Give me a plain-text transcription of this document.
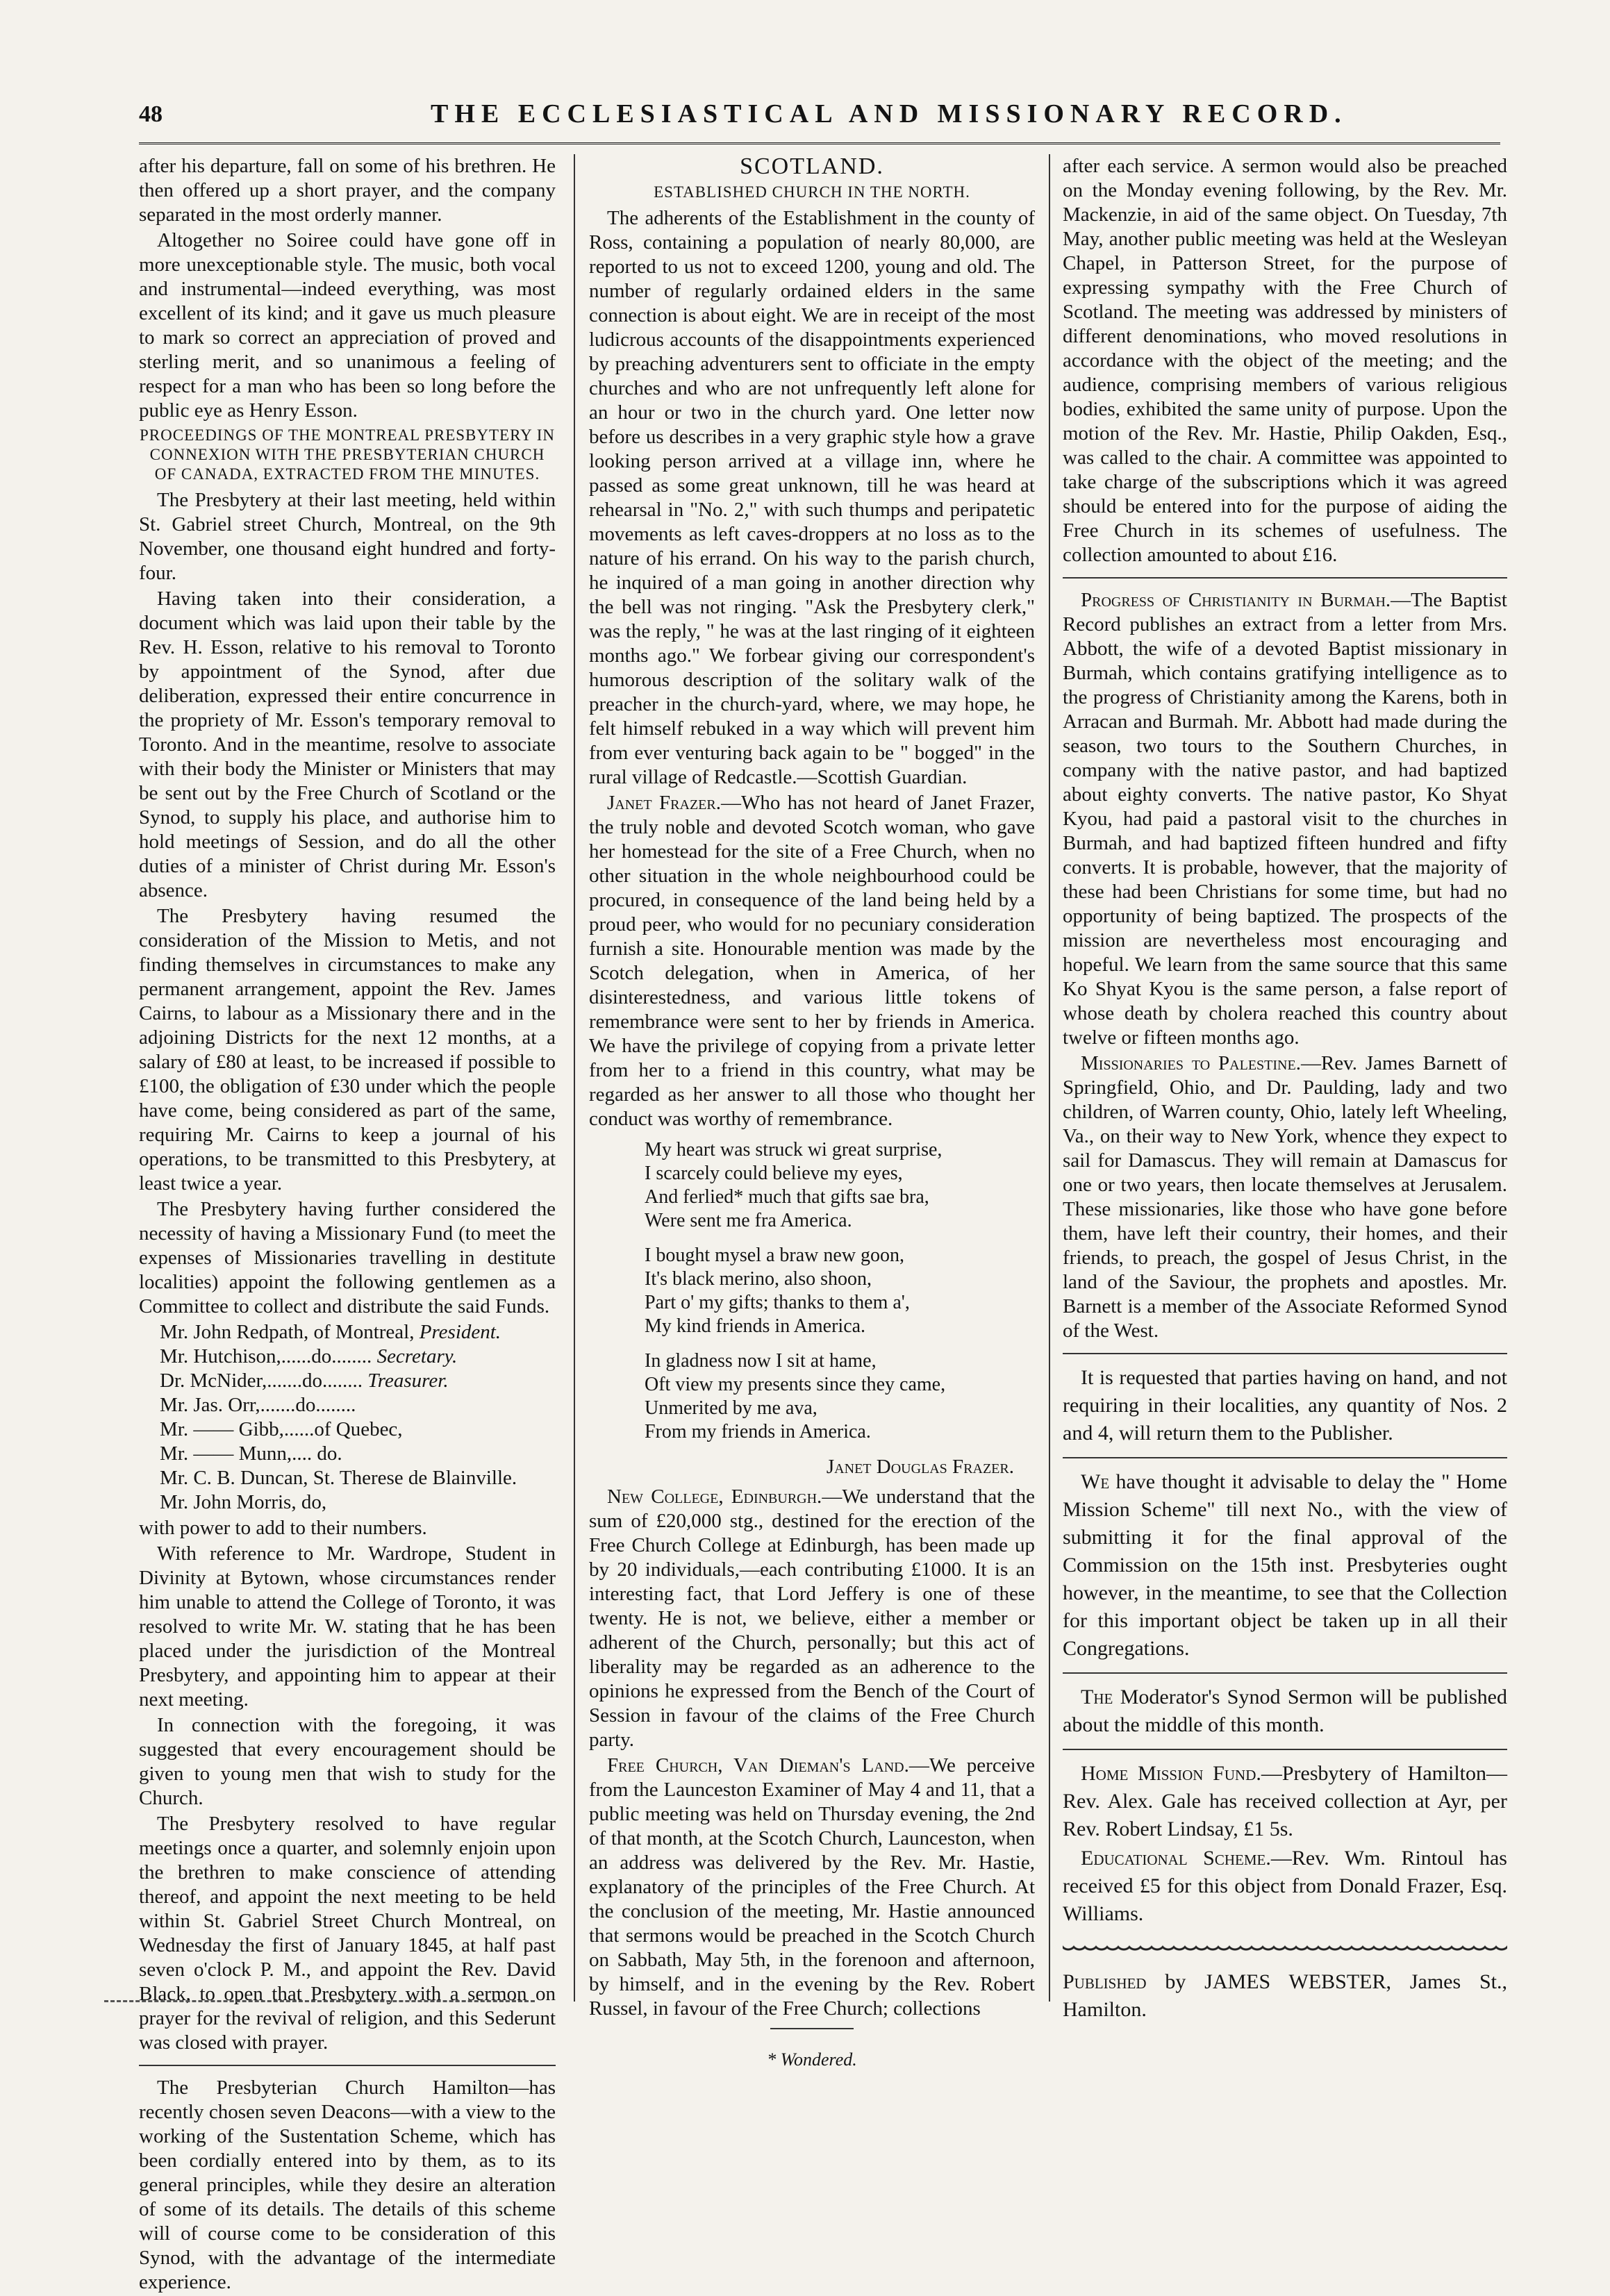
48	THE ECCLESIASTICAL AND MISSIONARY RECORD.

after his departure, fall on some of his brethren. He then offered up a short prayer, and the company separated in the most orderly manner.

Altogether no Soiree could have gone off in more unexceptionable style. The music, both vocal and instrumental—indeed everything, was most excellent of its kind; and it gave us much pleasure to mark so correct an appreciation of proved and sterling merit, and so unanimous a feeling of respect for a man who has been so long before the public eye as Henry Esson.

PROCEEDINGS OF THE MONTREAL PRESBYTERY IN CONNEXION WITH THE PRESBYTERIAN CHURCH OF CANADA, EXTRACTED FROM THE MINUTES.

The Presbytery at their last meeting, held within St. Gabriel street Church, Montreal, on the 9th November, one thousand eight hundred and forty-four.

Having taken into their consideration, a document which was laid upon their table by the Rev. H. Esson, relative to his removal to Toronto by appointment of the Synod, after due deliberation, expressed their entire concurrence in the propriety of Mr. Esson's temporary removal to Toronto. And in the meantime, resolve to associate with their body the Minister or Ministers that may be sent out by the Free Church of Scotland or the Synod, to supply his place, and authorise him to hold meetings of Session, and do all the other duties of a minister of Christ during Mr. Esson's absence.

The Presbytery having resumed the consideration of the Mission to Metis, and not finding themselves in circumstances to make any permanent arrangement, appoint the Rev. James Cairns, to labour as a Missionary there and in the adjoining Districts for the next 12 months, at a salary of £80 at least, to be increased if possible to £100, the obligation of £30 under which the people have come, being considered as part of the same, requiring Mr. Cairns to keep a journal of his operations, to be transmitted to this Presbytery, at least twice a year.

The Presbytery having further considered the necessity of having a Missionary Fund (to meet the expenses of Missionaries travelling in destitute localities) appoint the following gentlemen as a Committee to collect and distribute the said Funds.

Mr. John Redpath, of Montreal, President.
Mr. Hutchison,......do........ Secretary.
Dr. McNider,.......do........ Treasurer.
Mr. Jas. Orr,.......do........
Mr. —— Gibb,......of Quebec,
Mr. —— Munn,.... do.
Mr. C. B. Duncan, St. Therese de Blainville.
Mr. John Morris, do,

with power to add to their numbers.

With reference to Mr. Wardrope, Student in Divinity at Bytown, whose circumstances render him unable to attend the College of Toronto, it was resolved to write Mr. W. stating that he has been placed under the jurisdiction of the Montreal Presbytery, and appointing him to appear at their next meeting.

In connection with the foregoing, it was suggested that every encouragement should be given to young men that wish to study for the Church.

The Presbytery resolved to have regular meetings once a quarter, and solemnly enjoin upon the brethren to make conscience of attending thereof, and appoint the next meeting to be held within St. Gabriel Street Church Montreal, on Wednesday the first of January 1845, at half past seven o'clock P. M., and appoint the Rev. David Black, to open that Presbytery with a sermon on prayer for the revival of religion, and this Sederunt was closed with prayer.

The Presbyterian Church Hamilton—has recently chosen seven Deacons—with a view to the working of the Sustentation Scheme, which has been cordially entered into by them, as to its general principles, while they desire an alteration of some of its details. The details of this scheme will of course come to be consideration of this Synod, with the advantage of the intermediate experience.

SCOTLAND.
ESTABLISHED CHURCH IN THE NORTH.

The adherents of the Establishment in the county of Ross, containing a population of nearly 80,000, are reported to us not to exceed 1200, young and old. The number of regularly ordained elders in the same connection is about eight. We are in receipt of the most ludicrous accounts of the disappointments experienced by preaching adventurers sent to officiate in the empty churches and who are not unfrequently left alone for an hour or two in the church yard. One letter now before us describes in a very graphic style how a grave looking person arrived at a village inn, where he passed as some great unknown, till he was heard at rehearsal in "No. 2," with such thumps and peripatetic movements as left caves-droppers at no loss as to the nature of his errand. On his way to the parish church, he inquired of a man going in another direction why the bell was not ringing. "Ask the Presbytery clerk," was the reply, " he was at the last ringing of it eighteen months ago." We forbear giving our correspondent's humorous description of the solitary walk of the preacher in the church-yard, where, we may hope, he felt himself rebuked in a way which will prevent him from ever venturing back again to be " bogged" in the rural village of Redcastle.—Scottish Guardian.

Janet Frazer.—Who has not heard of Janet Frazer, the truly noble and devoted Scotch woman, who gave her homestead for the site of a Free Church, when no other situation in the whole neighbourhood could be procured, in consequence of the land being held by a proud peer, who would for no pecuniary consideration furnish a site. Honourable mention was made by the Scotch delegation, when in America, of her disinterestedness, and various little tokens of remembrance were sent to her by friends in America. We have the privilege of copying from a private letter from her to a friend in this country, what may be regarded as her answer to all those who thought her conduct was worthy of remembrance.

My heart was struck wi great surprise,
I scarcely could believe my eyes,
And ferlied* much that gifts sae bra,
Were sent me fra America.
I bought mysel a braw new goon,
It's black merino, also shoon,
Part o' my gifts; thanks to them a',
My kind friends in America.
In gladness now I sit at hame,
Oft view my presents since they came,
Unmerited by me ava,
From my friends in America.
Janet Douglas Frazer.

New College, Edinburgh.—We understand that the sum of £20,000 stg., destined for the erection of the Free Church College at Edinburgh, has been made up by 20 individuals,—each contributing £1000. It is an interesting fact, that Lord Jeffery is one of these twenty. He is not, we believe, either a member or adherent of the Church, personally; but this act of liberality may be regarded as an adherence to the opinions he expressed from the Bench of the Court of Session in favour of the claims of the Free Church party.

Free Church, Van Dieman's Land.—We perceive from the Launceston Examiner of May 4 and 11, that a public meeting was held on Thursday evening, the 2nd of that month, at the Scotch Church, Launceston, when an address was delivered by the Rev. Mr. Hastie, explanatory of the principles of the Free Church. At the conclusion of the meeting, Mr. Hastie announced that sermons would be preached in the Scotch Church on Sabbath, May 5th, in the forenoon and afternoon, by himself, and in the evening by the Rev. Robert Russel, in favour of the Free Church; collections

* Wondered.

after each service. A sermon would also be preached on the Monday evening following, by the Rev. Mr. Mackenzie, in aid of the same object. On Tuesday, 7th May, another public meeting was held at the Wesleyan Chapel, in Patterson Street, for the purpose of expressing sympathy with the Free Church of Scotland. The meeting was addressed by ministers of different denominations, who moved resolutions in accordance with the object of the meeting; and the audience, comprising members of various religious bodies, exhibited the same unity of purpose. Upon the motion of the Rev. Mr. Hastie, Philip Oakden, Esq., was called to the chair. A committee was appointed to take charge of the subscriptions which it was agreed should be entered into for the purpose of aiding the Free Church in its schemes of usefulness. The collection amounted to about £16.

Progress of Christianity in Burmah.—The Baptist Record publishes an extract from a letter from Mrs. Abbott, the wife of a devoted Baptist missionary in Burmah, which contains gratifying intelligence as to the progress of Christianity among the Karens, both in Arracan and Burmah. Mr. Abbott had made during the season, two tours to the Southern Churches, in company with the native pastor, and had baptized about eighty converts. The native pastor, Ko Shyat Kyou, had paid a pastoral visit to the churches in Burmah, and had baptized fifteen hundred and fifty converts. It is probable, however, that the majority of these had been Christians for some time, but had no opportunity of being baptized. The prospects of the mission are nevertheless most encouraging and hopeful. We learn from the same source that this same Ko Shyat Kyou is the same person, a false report of whose death by cholera reached this country about twelve or fifteen months ago.

Missionaries to Palestine.—Rev. James Barnett of Springfield, Ohio, and Dr. Paulding, lady and two children, of Warren county, Ohio, lately left Wheeling, Va., on their way to New York, whence they expect to sail for Damascus. They will remain at Damascus for one or two years, then locate themselves at Jerusalem. These missionaries, like those who have gone before them, have left their country, their homes, and their friends, to preach, the gospel of Jesus Christ, in the land of the Saviour, the prophets and apostles. Mr. Barnett is a member of the Associate Reformed Synod of the West.

It is requested that parties having on hand, and not requiring in their localities, any quantity of Nos. 2 and 4, will return them to the Publisher.

We have thought it advisable to delay the " Home Mission Scheme" till next No., with the view of submitting it for the final approval of the Commission on the 15th inst. Presbyteries ought however, in the meantime, to see that the Collection for this important object be taken up in all their Congregations.

The Moderator's Synod Sermon will be published about the middle of this month.

Home Mission Fund.—Presbytery of Hamilton—Rev. Alex. Gale has received collection at Ayr, per Rev. Robert Lindsay, £1 5s.

Educational Scheme.—Rev. Wm. Rintoul has received £5 for this object from Donald Frazer, Esq. Williams.

Published by JAMES WEBSTER, James St., Hamilton.
